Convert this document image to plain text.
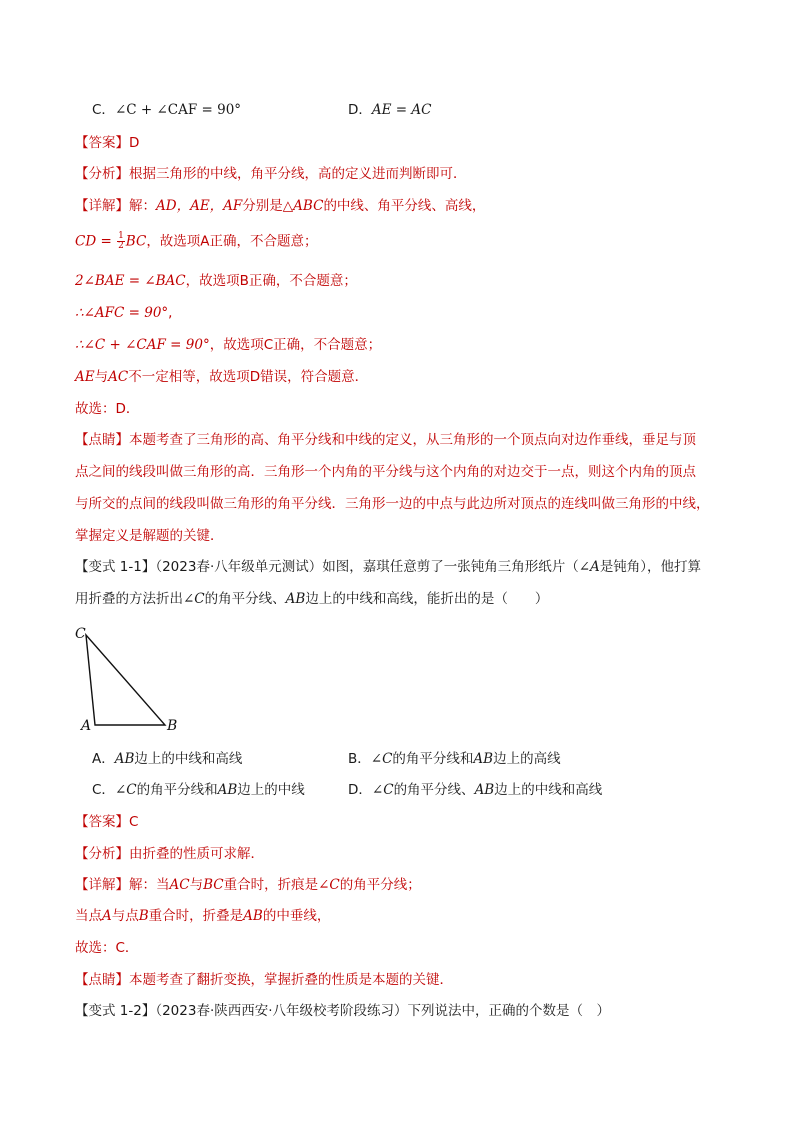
C．∠C + ∠CAF = 90°	D．AE = AC
【答案】D
【分析】根据三角形的中线，角平分线，高的定义进而判断即可．
【详解】解：AD，AE，AF分别是△ABC的中线、角平分线、高线，
CD = $\frac{1}{2}$ BC，故选项A正确，不合题意；
2∠BAE = ∠BAC，故选项B正确，不合题意；
∴∠AFC = 90°,
∴∠C + ∠CAF = 90°，故选项C正确，不合题意；
AE与AC不一定相等，故选项D错误，符合题意．
故选：D．
【点睛】本题考查了三角形的高、角平分线和中线的定义，从三角形的一个顶点向对边作垂线，垂足与顶
点之间的线段叫做三角形的高．三角形一个内角的平分线与这个内角的对边交于一点，则这个内角的顶点
与所交的点间的线段叫做三角形的角平分线．三角形一边的中点与此边所对顶点的连线叫做三角形的中线，
掌握定义是解题的关键．
【变式 1-1】（2023春·八年级单元测试）如图，嘉琪任意剪了一张钝角三角形纸片（∠A是钝角），他打算
用折叠的方法折出∠C的角平分线、AB边上的中线和高线，能折出的是（　　）
C
A	B
A．AB边上的中线和高线	B．∠C的角平分线和AB边上的高线
C．∠C的角平分线和AB边上的中线	D．∠C的角平分线、AB边上的中线和高线
【答案】C
【分析】由折叠的性质可求解．
【详解】解：当AC与BC重合时，折痕是∠C的角平分线；
当点A与点B重合时，折叠是AB的中垂线，
故选：C．
【点睛】本题考查了翻折变换，掌握折叠的性质是本题的关键．
【变式 1-2】（2023春·陕西西安·八年级校考阶段练习）下列说法中，正确的个数是（　）
